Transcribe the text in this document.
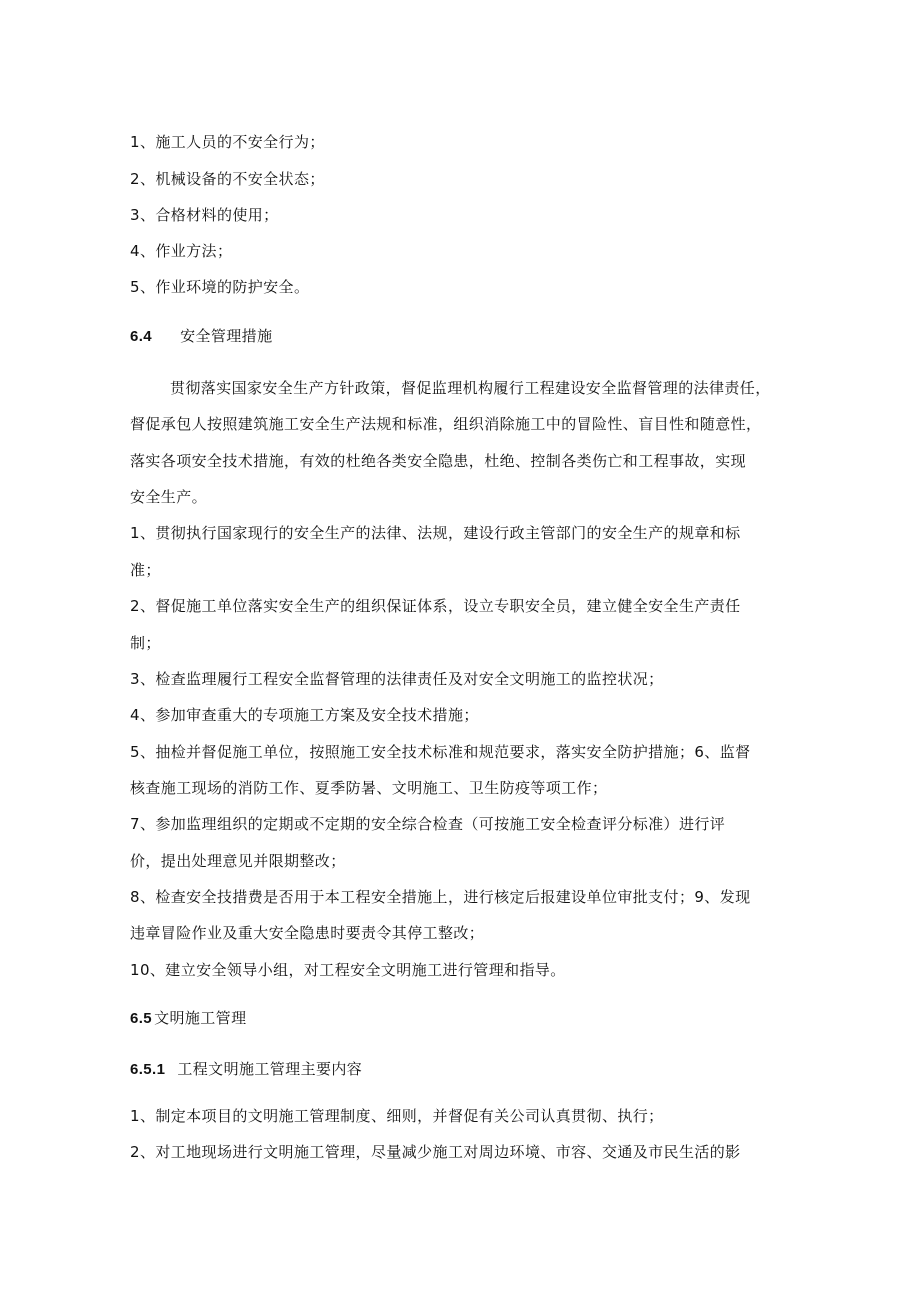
1、施工人员的不安全行为；
2、机械设备的不安全状态；
3、合格材料的使用；
4、作业方法；
5、作业环境的防护安全。
6.4 安全管理措施
贯彻落实国家安全生产方针政策，督促监理机构履行工程建设安全监督管理的法律责任，
督促承包人按照建筑施工安全生产法规和标准，组织消除施工中的冒险性、盲目性和随意性，
落实各项安全技术措施，有效的杜绝各类安全隐患，杜绝、控制各类伤亡和工程事故，实现
安全生产。
1、贯彻执行国家现行的安全生产的法律、法规，建设行政主管部门的安全生产的规章和标
准；
2、督促施工单位落实安全生产的组织保证体系，设立专职安全员，建立健全安全生产责任
制；
3、检查监理履行工程安全监督管理的法律责任及对安全文明施工的监控状况；
4、参加审查重大的专项施工方案及安全技术措施；
5、抽检并督促施工单位，按照施工安全技术标准和规范要求，落实安全防护措施；6、监督
核查施工现场的消防工作、夏季防暑、文明施工、卫生防疫等项工作；
7、参加监理组织的定期或不定期的安全综合检查（可按施工安全检查评分标准）进行评
价，提出处理意见并限期整改；
8、检查安全技措费是否用于本工程安全措施上，进行核定后报建设单位审批支付；9、发现
违章冒险作业及重大安全隐患时要责令其停工整改；
10、建立安全领导小组，对工程安全文明施工进行管理和指导。
6.5 文明施工管理
6.5.1 工程文明施工管理主要内容
1、制定本项目的文明施工管理制度、细则，并督促有关公司认真贯彻、执行；
2、对工地现场进行文明施工管理，尽量减少施工对周边环境、市容、交通及市民生活的影
